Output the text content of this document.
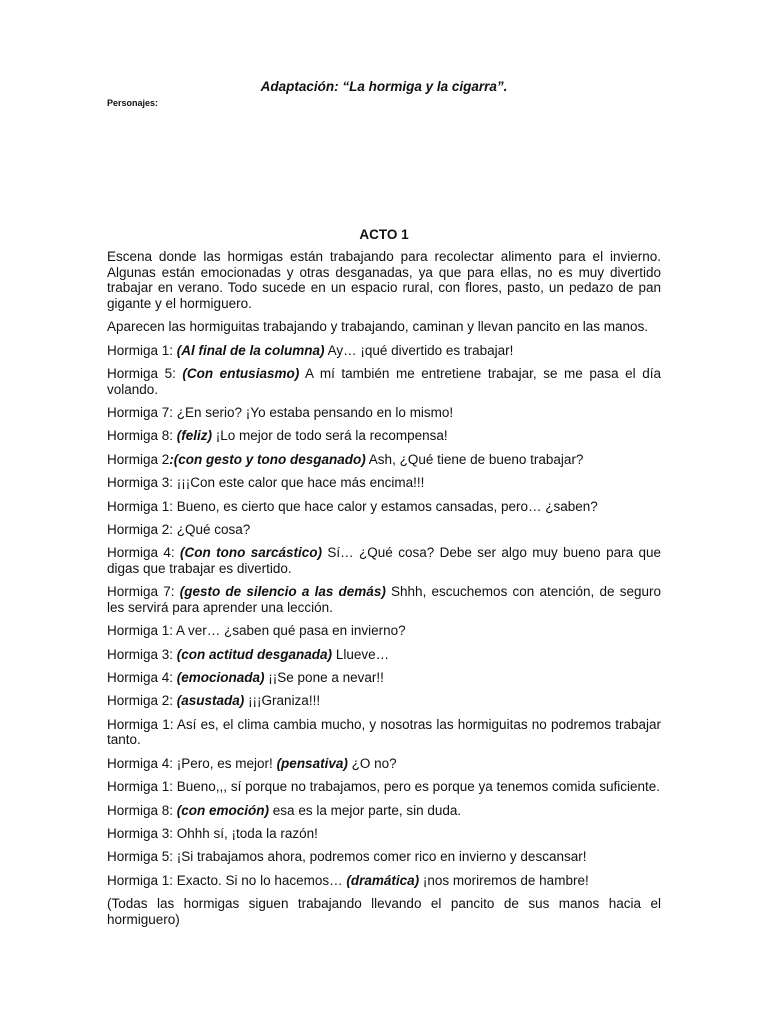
Adaptación: “La hormiga y la cigarra”.
Personajes:
ACTO 1

Escena donde las hormigas están trabajando para recolectar alimento para el invierno. Algunas están emocionadas y otras desganadas, ya que para ellas, no es muy divertido trabajar en verano. Todo sucede en un espacio rural, con flores, pasto, un pedazo de pan gigante y el hormiguero.

Aparecen las hormiguitas trabajando y trabajando, caminan y llevan pancito en las manos.

Hormiga 1: (Al final de la columna) Ay… ¡qué divertido es trabajar!

Hormiga 5: (Con entusiasmo) A mí también me entretiene trabajar, se me pasa el día volando.

Hormiga 7: ¿En serio? ¡Yo estaba pensando en lo mismo!

Hormiga 8: (feliz) ¡Lo mejor de todo será la recompensa!

Hormiga 2:(con gesto y tono desganado) Ash, ¿Qué tiene de bueno trabajar?

Hormiga 3: ¡¡¡Con este calor que hace más encima!!!

Hormiga 1: Bueno, es cierto que hace calor y estamos cansadas, pero… ¿saben?

Hormiga 2: ¿Qué cosa?

Hormiga 4: (Con tono sarcástico) Sí… ¿Qué cosa? Debe ser algo muy bueno para que digas que trabajar es divertido.

Hormiga 7: (gesto de silencio a las demás) Shhh, escuchemos con atención, de seguro les servirá para aprender una lección.

Hormiga 1: A ver… ¿saben qué pasa en invierno?

Hormiga 3: (con actitud desganada) Llueve…

Hormiga 4: (emocionada) ¡¡Se pone a nevar!!

Hormiga 2: (asustada) ¡¡¡Graniza!!!

Hormiga 1: Así es, el clima cambia mucho, y nosotras las hormiguitas no podremos trabajar tanto.

Hormiga 4: ¡Pero, es mejor! (pensativa) ¿O no?

Hormiga 1: Bueno,,, sí porque no trabajamos, pero es porque ya tenemos comida suficiente.

Hormiga 8: (con emoción) esa es la mejor parte, sin duda.

Hormiga 3: Ohhh sí, ¡toda la razón!

Hormiga 5: ¡Si trabajamos ahora, podremos comer rico en invierno y descansar!

Hormiga 1: Exacto. Si no lo hacemos… (dramática) ¡nos moriremos de hambre!

(Todas las hormigas siguen trabajando llevando el pancito de sus manos hacia el hormiguero)
